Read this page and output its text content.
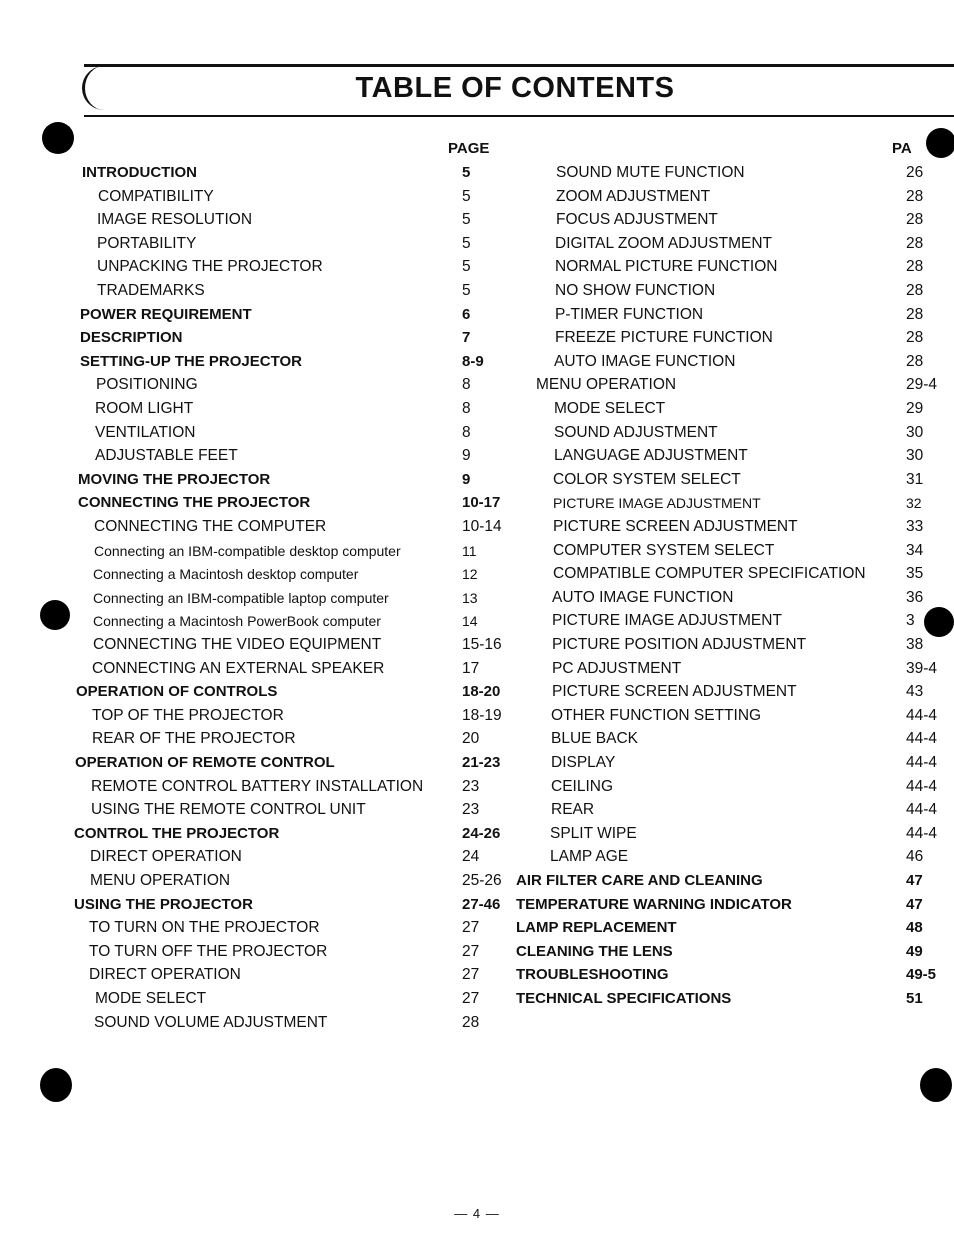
TABLE OF CONTENTS
PAGE	PA
INTRODUCTION	5
COMPATIBILITY	5
IMAGE RESOLUTION	5
PORTABILITY	5
UNPACKING THE PROJECTOR	5
TRADEMARKS	5
POWER REQUIREMENT	6
DESCRIPTION	7
SETTING-UP THE PROJECTOR	8-9
POSITIONING	8
ROOM LIGHT	8
VENTILATION	8
ADJUSTABLE FEET	9
MOVING THE PROJECTOR	9
CONNECTING THE PROJECTOR	10-17
CONNECTING THE COMPUTER	10-14
Connecting an IBM-compatible desktop computer	11
Connecting a Macintosh desktop computer	12
Connecting an IBM-compatible laptop computer	13
Connecting a Macintosh PowerBook computer	14
CONNECTING THE VIDEO EQUIPMENT	15-16
CONNECTING AN EXTERNAL SPEAKER	17
OPERATION OF CONTROLS	18-20
TOP OF THE PROJECTOR	18-19
REAR OF THE PROJECTOR	20
OPERATION OF REMOTE CONTROL	21-23
REMOTE CONTROL BATTERY INSTALLATION	23
USING THE REMOTE CONTROL UNIT	23
CONTROL THE PROJECTOR	24-26
DIRECT OPERATION	24
MENU OPERATION	25-26
USING THE PROJECTOR	27-46
TO TURN ON THE PROJECTOR	27
TO TURN OFF THE PROJECTOR	27
DIRECT OPERATION	27
MODE SELECT	27
SOUND VOLUME ADJUSTMENT	28
SOUND MUTE FUNCTION	26
ZOOM ADJUSTMENT	28
FOCUS ADJUSTMENT	28
DIGITAL ZOOM ADJUSTMENT	28
NORMAL PICTURE FUNCTION	28
NO SHOW FUNCTION	28
P-TIMER FUNCTION	28
FREEZE PICTURE FUNCTION	28
AUTO IMAGE FUNCTION	28
MENU OPERATION	29-4
MODE SELECT	29
SOUND ADJUSTMENT	30
LANGUAGE ADJUSTMENT	30
COLOR SYSTEM SELECT	31
PICTURE IMAGE ADJUSTMENT	32
PICTURE SCREEN ADJUSTMENT	33
COMPUTER SYSTEM SELECT	34
COMPATIBLE COMPUTER SPECIFICATION	35
AUTO IMAGE FUNCTION	36
PICTURE IMAGE ADJUSTMENT	3
PICTURE POSITION ADJUSTMENT	38
PC ADJUSTMENT	39-4
PICTURE SCREEN ADJUSTMENT	43
OTHER FUNCTION SETTING	44-4
BLUE BACK	44-4
DISPLAY	44-4
CEILING	44-4
REAR	44-4
SPLIT WIPE	44-4
LAMP AGE	46
AIR FILTER CARE AND CLEANING	47
TEMPERATURE WARNING INDICATOR	47
LAMP REPLACEMENT	48
CLEANING THE LENS	49
TROUBLESHOOTING	49-5
TECHNICAL SPECIFICATIONS	51
— 4 —
